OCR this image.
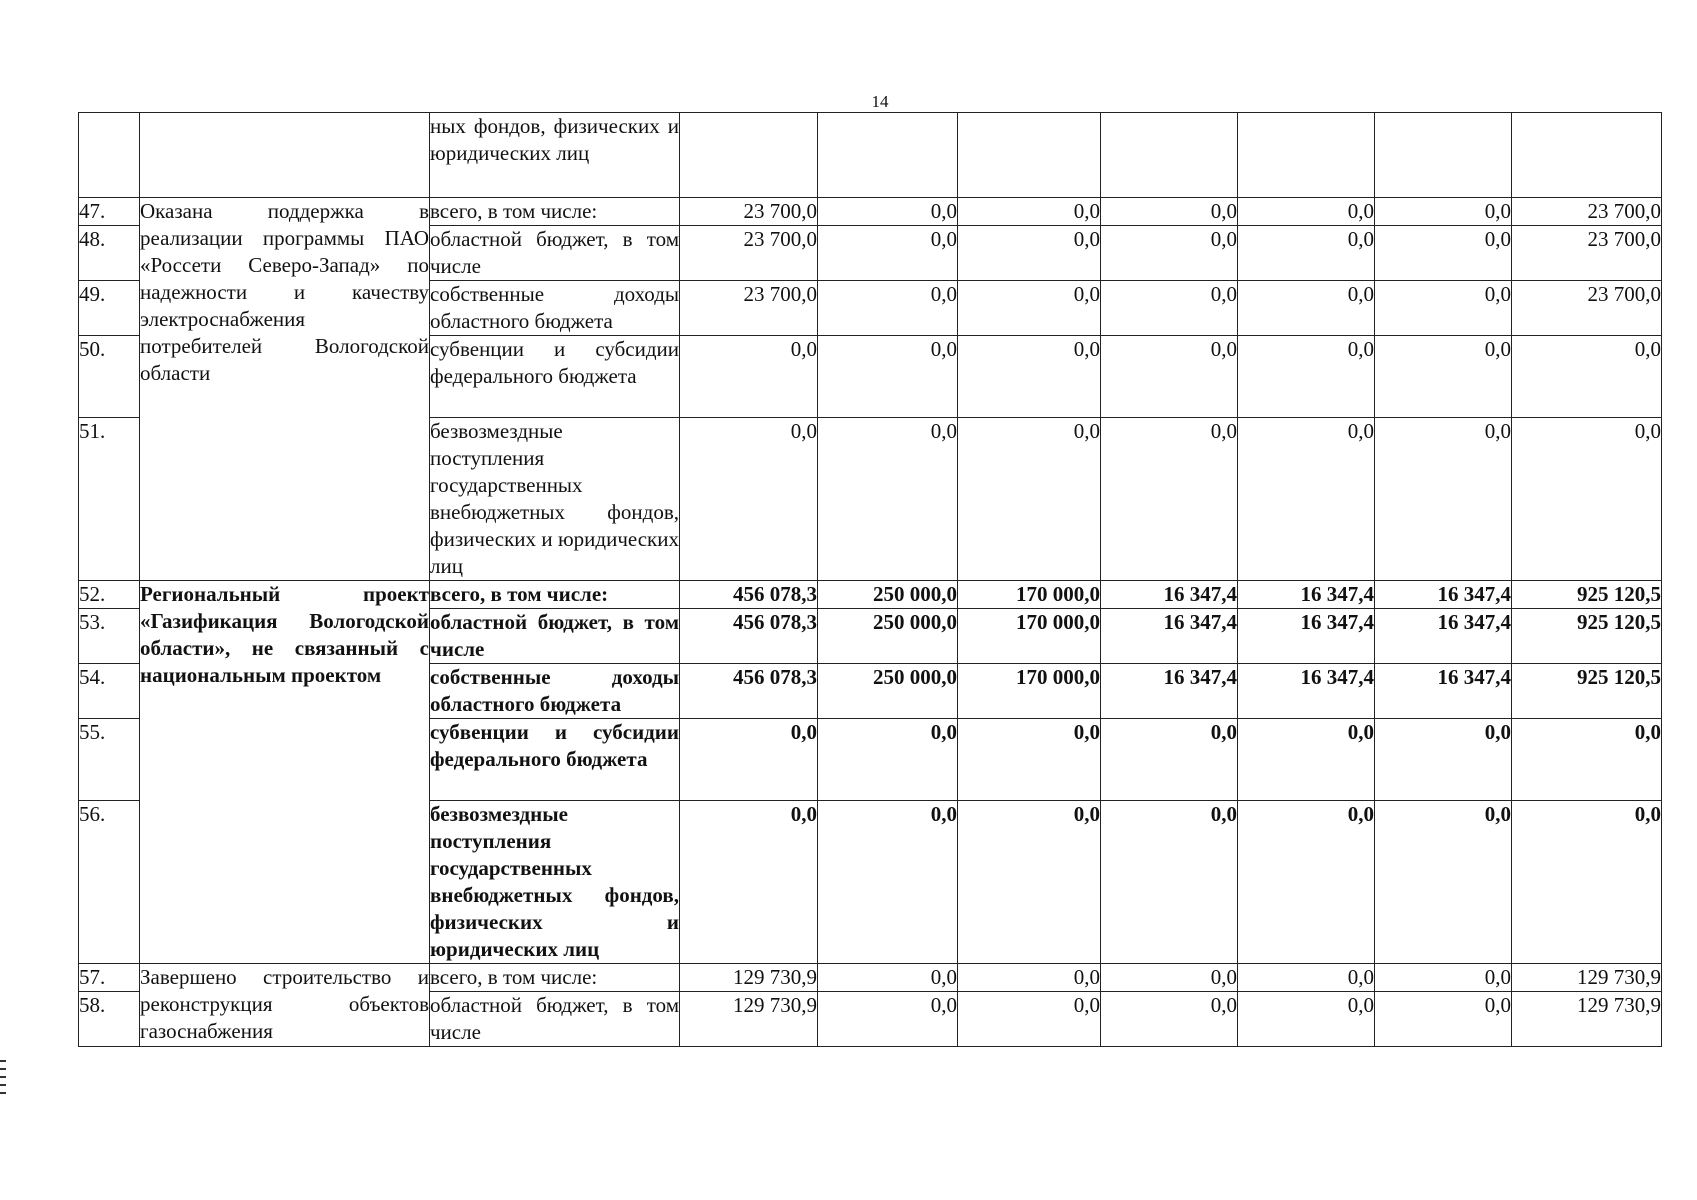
14
		ных фондов, физических и юридических лиц							
47.	Оказана поддержка в реализации программы ПАО «Россети Северо-Запад» по надежности и качеству электроснабжения потребителей Вологодской области	всего, в том числе:	23 700,0	0,0	0,0	0,0	0,0	0,0	23 700,0
48.		областной бюджет, в том числе	23 700,0	0,0	0,0	0,0	0,0	0,0	23 700,0
49.		собственные доходы областного бюджета	23 700,0	0,0	0,0	0,0	0,0	0,0	23 700,0
50.		субвенции и субсидии федерального бюджета	0,0	0,0	0,0	0,0	0,0	0,0	0,0
51.		безвозмездные поступления государственных внебюджетных фондов, физических и юридических лиц	0,0	0,0	0,0	0,0	0,0	0,0	0,0
52.	Региональный проект «Газификация Вологодской области», не связанный с национальным проектом	всего, в том числе:	456 078,3	250 000,0	170 000,0	16 347,4	16 347,4	16 347,4	925 120,5
53.		областной бюджет, в том числе	456 078,3	250 000,0	170 000,0	16 347,4	16 347,4	16 347,4	925 120,5
54.		собственные доходы областного бюджета	456 078,3	250 000,0	170 000,0	16 347,4	16 347,4	16 347,4	925 120,5
55.		субвенции и субсидии федерального бюджета	0,0	0,0	0,0	0,0	0,0	0,0	0,0
56.		безвозмездные поступления государственных внебюджетных фондов, физических и юридических лиц	0,0	0,0	0,0	0,0	0,0	0,0	0,0
57.	Завершено строительство и реконструкция объектов газоснабжения	всего, в том числе:	129 730,9	0,0	0,0	0,0	0,0	0,0	129 730,9
58.		областной бюджет, в том числе	129 730,9	0,0	0,0	0,0	0,0	0,0	129 730,9
